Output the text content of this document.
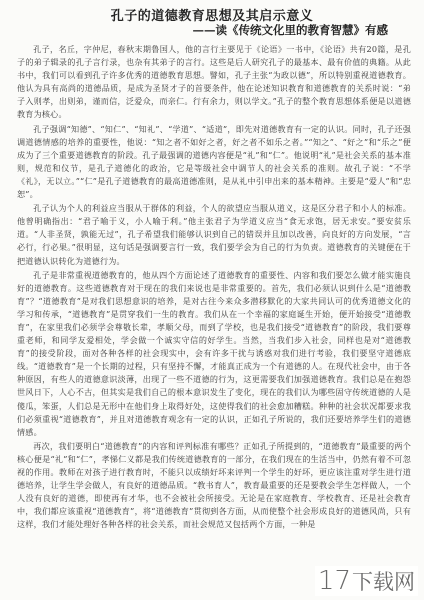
孔子的道德教育思想及其启示意义
——读《传统文化里的教育智慧》有感

孔子，名丘，字仲尼，春秋末期鲁国人，他的言行主要见于《论语》一书中，《论语》共有20篇，是孔子的弟子辑录的孔子言行录，也杂有其弟子的言行。这些是后人研究孔子的最基本、最有价值的典籍。从此书中，我们可以看到孔子许多优秀的道德教育思想。譬如，孔子主张“为政以德”，所以特别重视道德教育。他认为具有高尚的道德品质，是成为圣贤才子的首要条件，他在论述知识教育和道德教育的关系时说：“弟子入则孝，出则弟，谨而信，泛爱众，而亲仁。行有余力，则以学文。”孔子的整个教育思想体系便是以道德教育为核心。

孔子强调“知德”、“知仁”、“知礼”、“学道”、“适道”，即先对道德教育有一定的认识。同时，孔子还强调道德情感的培养的重要性，他说：“知之者不如好之者，好之者不如乐之者。”“知之”、“好之”和“乐之”便成为了三个重要道德教育的阶段。孔子最强调的道德内容便是“礼”和“仁”。他说明“礼”是社会关系的基本准则，规范和仪节，是孔子道德化的政治，它是等级社会中调节人的社会关系的准则。故孔子说：“不学《礼》，无以立。”“仁”是孔子道德教育的最高道德准则，是从礼中引申出来的基本精神。主要是“爱人”和“忠恕”。

孔子认为个人的利益应当服从于群体的利益，个人的欲望应当服从道义，这是区分君子和小人的标准。他曾明确指出：“君子喻于义，小人喻于利。”他主张君子为学道义应当“食无求饱，居无求安。”要安贫乐道。“人非圣贤，孰能无过”，孔子希望我们能够认识到自己的错误并且加以改善，向良好的方向发展，“言必行，行必果。”很明显，这句话是强调要言行一致，我们要学会为自己的行为负责。道德教育的关键便在于把道德认识转化为道德行为。

孔子是非常重视道德教育的，他从四个方面论述了道德教育的重要性、内容和我们要怎么做才能实施良好的道德教育。这些道德教育对于现在的我们来说也是非常重要的。首先，我们必须认识到什么是“道德教育”？“道德教育”是对我们思想意识的培养，是对古往今来众多潜移默化的大家共同认可的优秀道德文化的学习和传承，“道德教育”是贯穿我们一生的教育。我们从在一个幸福的家庭诞生开始，便开始接受“道德教育”，在家里我们必须学会尊敬长辈，孝顺父母，而到了学校，也是我们接受“道德教育”的阶段，我们要尊重老师，和同学友爱相处，学会做一个诚实守信的好学生。当然，当我们步入社会，同样也是对“道德教育”的接受阶段，面对各种各样的社会现实中，会有许多干扰与诱惑对我们进行考验，我们要坚守道德底线。“道德教育”是一个长期的过程，只有坚持不懈，才能真正成为一个有道德的人。在现代社会中，由于各种原因，有些人的道德意识淡薄，出现了一些不道德的行为，这更需要我们加强道德教育。我们总是在抱怨世风日下，人心不古，但其实是我们自己的根本意识发生了变化，现在的我们认为哪些固守传统道德的人是傻瓜，笨蛋，人们总是无形中在他们身上取得好处，这使得我们的社会愈加糟糕。种种的社会状况都要求我们必须重视“道德教育”，并且对道德教育观念有一定的认识，正如孔子所说的，我们还要培养学生们的道德情感。

再次，我们要明白“道德教育”的内容和评判标准有哪些？正如孔子所提到的，“道德教育”最重要的两个核心便是“礼”和“仁”，孝悌仁义都是我们传统道德教育的一部分，在我们现在的生活当中，仍然有着不可忽视的作用。教师在对孩子进行教育时，不能只以成绩好坏来评判一个学生的好坏，更应该注重对学生进行道德培养，让学生学会做人，有良好的道德品质。“教书育人”，教育最重要的还是要教会学生怎样做人，一个人没有良好的道德，即使再有才华，也不会被社会所接受。无论是在家庭教育、学校教育、还是社会教育中，我们都应该重视“道德教育”，将“道德教育”贯彻到各方面，从而使整个社会形成良好的道德风尚，只有这样，我们才能处理好各种各样的社会关系，而社会规范又包括两个方面，一种是

17 下载网
